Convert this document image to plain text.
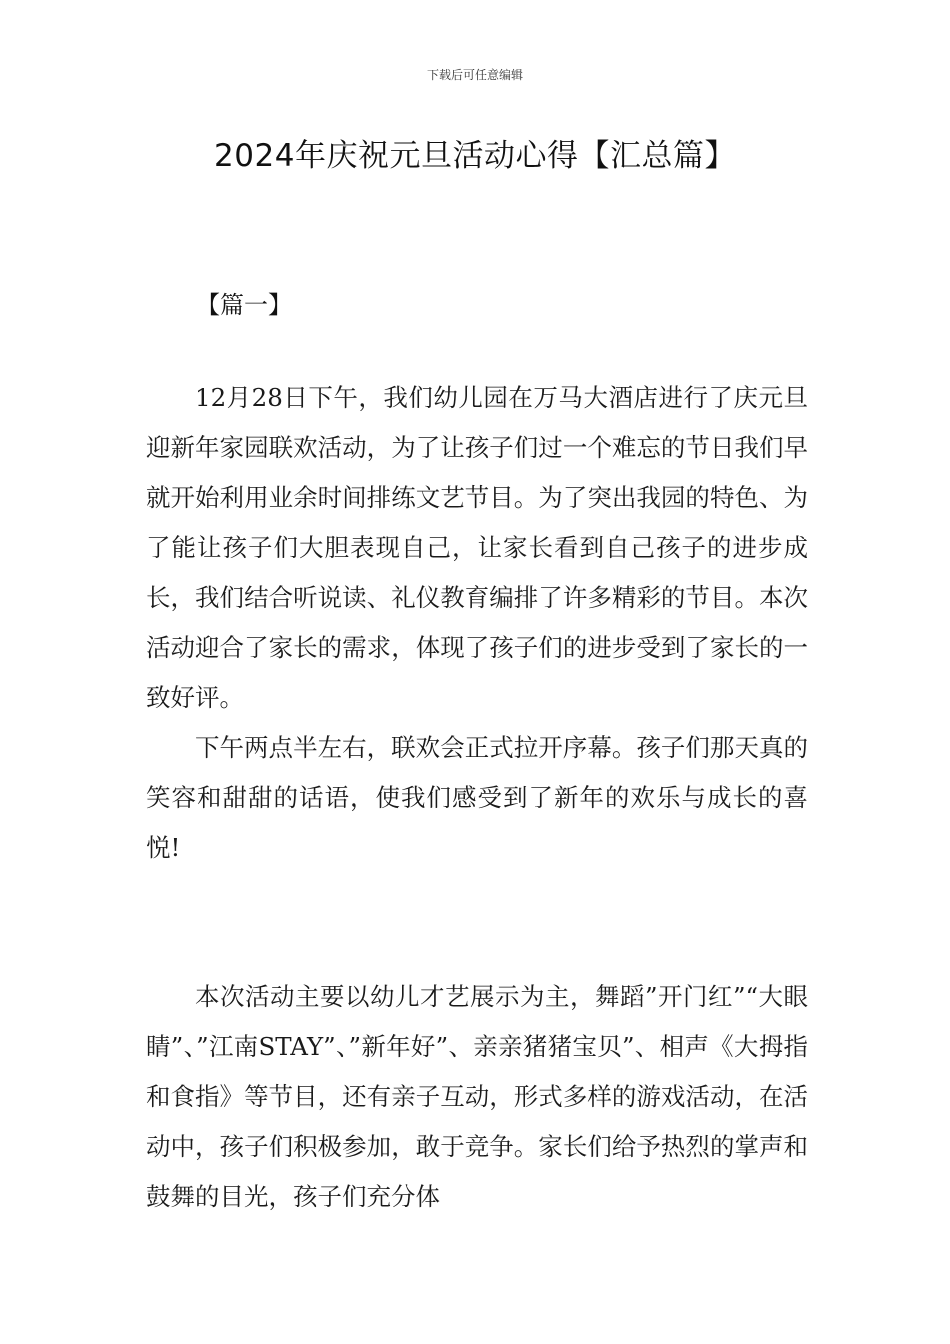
下载后可任意编辑
2024年庆祝元旦活动心得【汇总篇】
【篇一】

12月28日下午，我们幼儿园在万马大酒店进行了庆元旦迎新年家园联欢活动，为了让孩子们过一个难忘的节日我们早就开始利用业余时间排练文艺节目。为了突出我园的特色、为了能让孩子们大胆表现自己，让家长看到自己孩子的进步成长，我们结合听说读、礼仪教育编排了许多精彩的节目。本次活动迎合了家长的需求，体现了孩子们的进步受到了家长的一致好评。

下午两点半左右，联欢会正式拉开序幕。孩子们那天真的笑容和甜甜的话语，使我们感受到了新年的欢乐与成长的喜悦!

本次活动主要以幼儿才艺展示为主，舞蹈”开门红”“大眼睛”、”江南STAY”、”新年好”、亲亲猪猪宝贝”、相声《大拇指和食指》等节目，还有亲子互动，形式多样的游戏活动，在活动中，孩子们积极参加，敢于竞争。家长们给予热烈的掌声和鼓舞的目光，孩子们充分体
